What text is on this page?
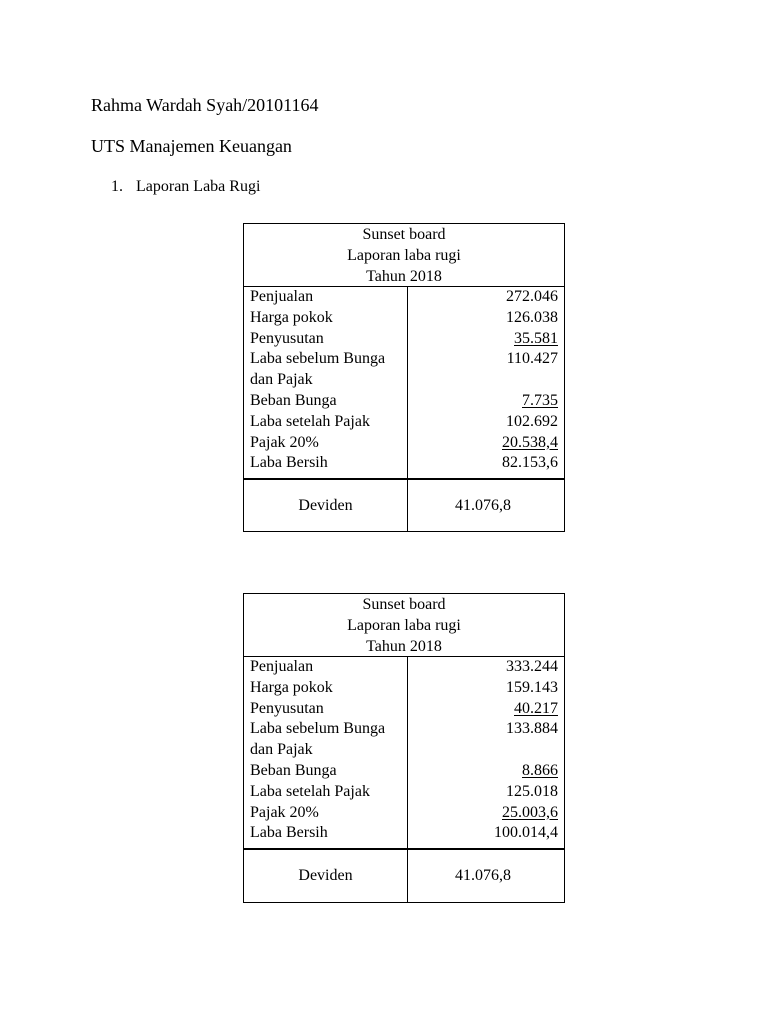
Rahma Wardah Syah/20101164
UTS Manajemen Keuangan
1. Laporan Laba Rugi
Sunset board
Laporan laba rugi
Tahun 2018
Penjualan
Harga pokok
Penyusutan
Laba sebelum Bunga
dan Pajak
Beban Bunga
Laba setelah Pajak
Pajak 20%
Laba Bersih
272.046
126.038
35.581
110.427
7.735
102.692
20.538,4
82.153,6
Deviden	41.076,8
Sunset board
Laporan laba rugi
Tahun 2018
Penjualan
Harga pokok
Penyusutan
Laba sebelum Bunga
dan Pajak
Beban Bunga
Laba setelah Pajak
Pajak 20%
Laba Bersih
333.244
159.143
40.217
133.884
8.866
125.018
25.003,6
100.014,4
Deviden	41.076,8
